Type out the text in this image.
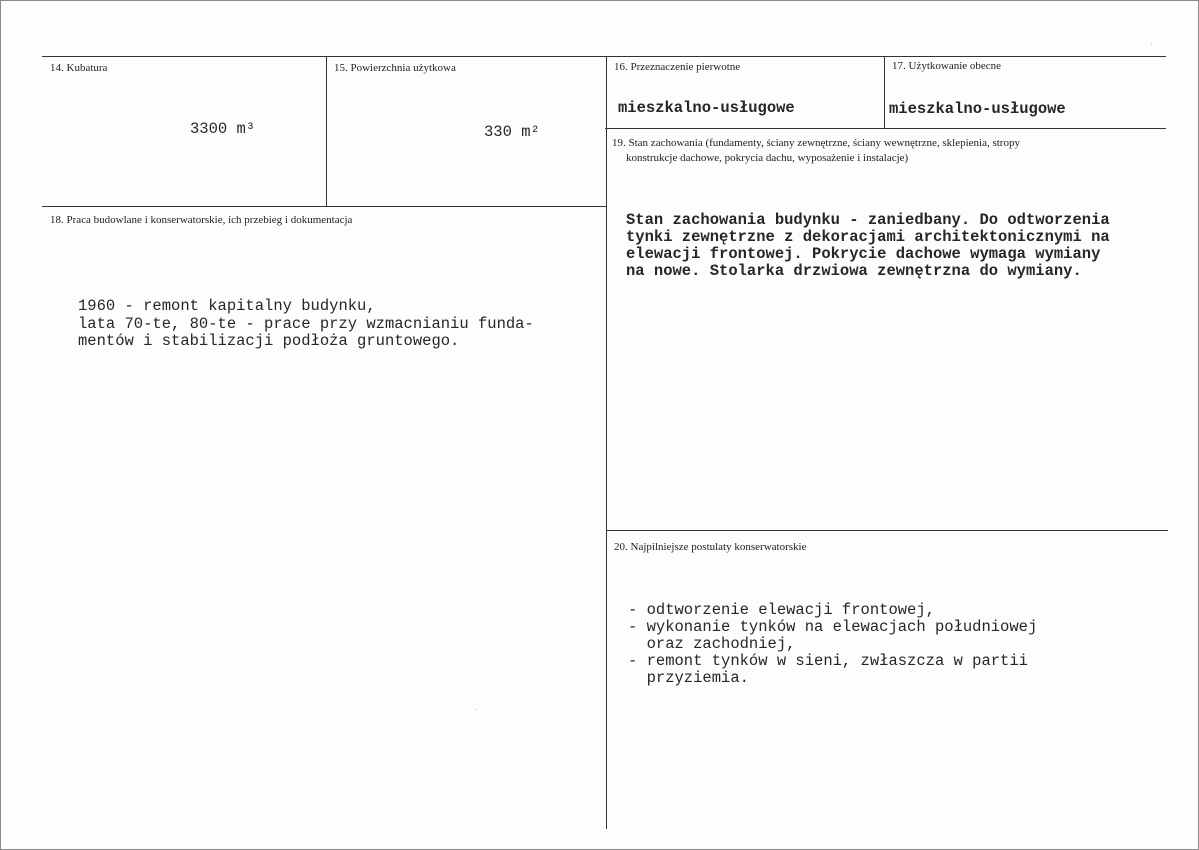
14. Kubatura
3300 m³
15. Powierzchnia użytkowa
330 m²
16. Przeznaczenie pierwotne
mieszkalno-usługowe
17. Użytkowanie obecne
mieszkalno-usługowe
18. Praca budowlane i konserwatorskie, ich przebieg i dokumentacja
1960 - remont kapitalny budynku,
lata 70-te, 80-te - prace przy wzmacnianiu funda-
mentów i stabilizacji podłoża gruntowego.
19. Stan zachowania (fundamenty, ściany zewnętrzne, ściany wewnętrzne, sklepienia, stropy
konstrukcje dachowe, pokrycia dachu, wyposażenie i instalacje)
Stan zachowania budynku - zaniedbany. Do odtworzenia
tynki zewnętrzne z dekoracjami architektonicznymi na
elewacji frontowej. Pokrycie dachowe wymaga wymiany
na nowe. Stolarka drzwiowa zewnętrzna do wymiany.
20. Najpilniejsze postulaty konserwatorskie
- odtworzenie elewacji frontowej,
- wykonanie tynków na elewacjach południowej
oraz zachodniej,
- remont tynków w sieni, zwłaszcza w partii
przyziemia.
